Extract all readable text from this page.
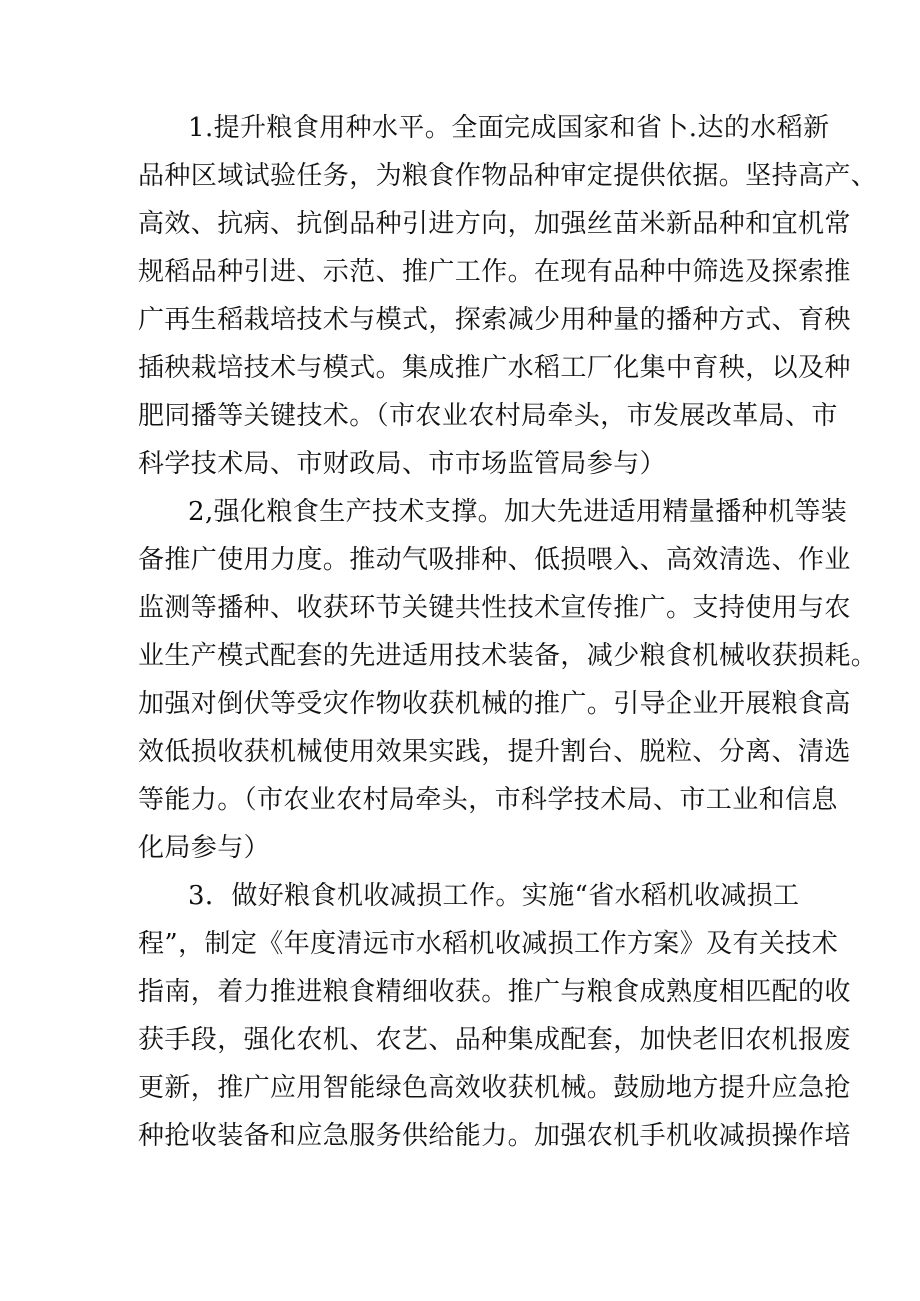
1.提升粮食用种水平。全面完成国家和省卜.达的水稻新
品种区域试验任务，为粮食作物品种审定提供依据。坚持高产、
高效、抗病、抗倒品种引进方向，加强丝苗米新品种和宜机常
规稻品种引进、示范、推广工作。在现有品种中筛选及探索推
广再生稻栽培技术与模式，探索减少用种量的播种方式、育秧
插秧栽培技术与模式。集成推广水稻工厂化集中育秧，以及种
肥同播等关键技术。（市农业农村局牵头，市发展改革局、市
科学技术局、市财政局、市市场监管局参与）
2,强化粮食生产技术支撑。加大先进适用精量播种机等装
备推广使用力度。推动气吸排种、低损喂入、高效清选、作业
监测等播种、收获环节关键共性技术宣传推广。支持使用与农
业生产模式配套的先进适用技术装备，减少粮食机械收获损耗。
加强对倒伏等受灾作物收获机械的推广。引导企业开展粮食高
效低损收获机械使用效果实践，提升割台、脱粒、分离、清选
等能力。（市农业农村局牵头，市科学技术局、市工业和信息
化局参与）
3．做好粮食机收减损工作。实施“省水稻机收减损工
程”，制定《年度清远市水稻机收减损工作方案》及有关技术
指南，着力推进粮食精细收获。推广与粮食成熟度相匹配的收
获手段，强化农机、农艺、品种集成配套，加快老旧农机报废
更新，推广应用智能绿色高效收获机械。鼓励地方提升应急抢
种抢收装备和应急服务供给能力。加强农机手机收减损操作培
